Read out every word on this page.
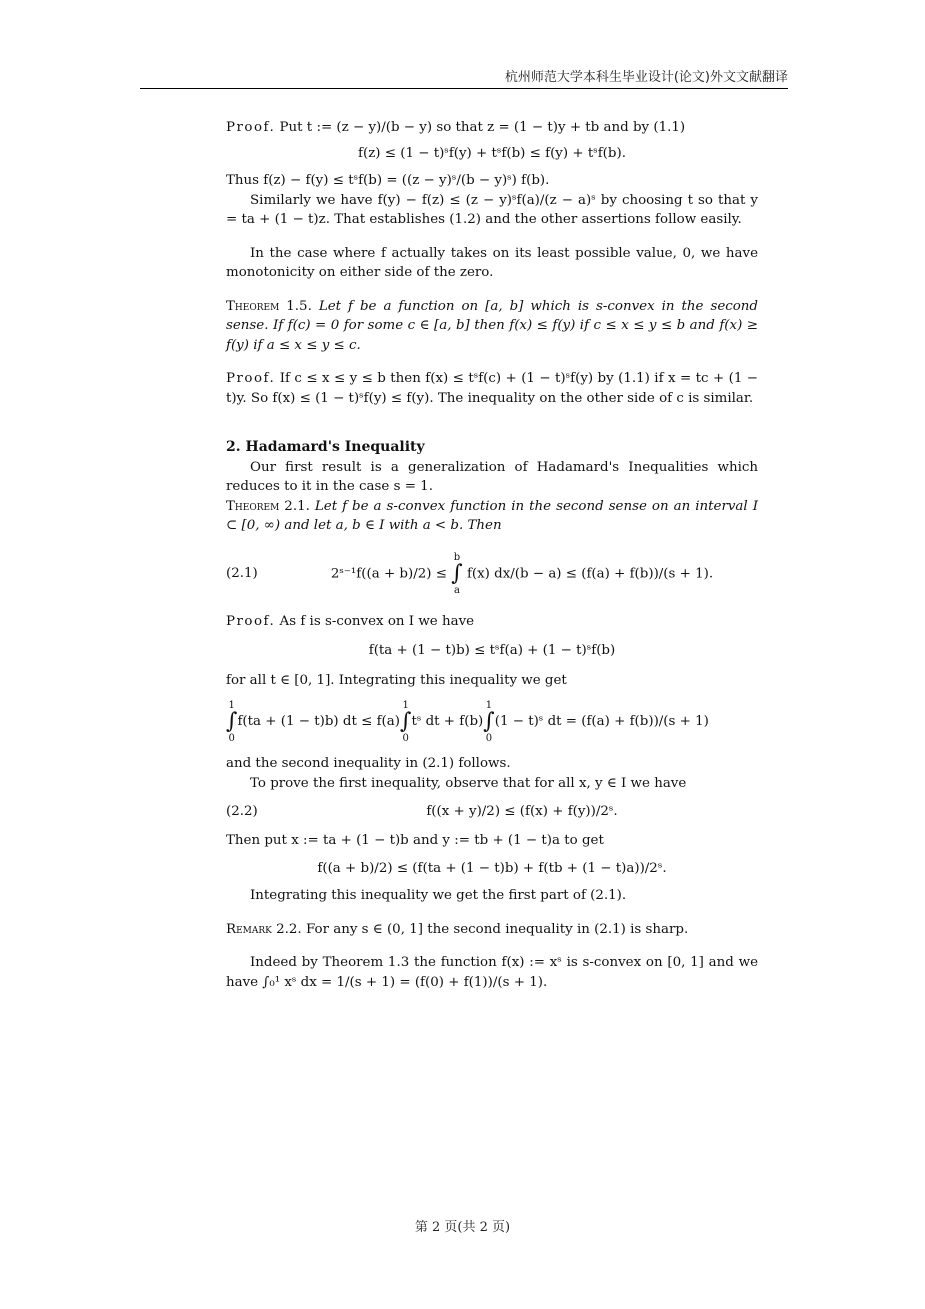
杭州师范大学本科生毕业设计(论文)外文文献翻译

Proof. Put t := (z − y)/(b − y) so that z = (1 − t)y + tb and by (1.1)

f(z) ≤ (1 − t)ˢf(y) + tˢf(b) ≤ f(y) + tˢf(b).

Thus f(z) − f(y) ≤ tˢf(b) = ((z − y)ˢ/(b − y)ˢ) f(b).

Similarly we have f(y) − f(z) ≤ (z − y)ˢf(a)/(z − a)ˢ by choosing t so that y = ta + (1 − t)z. That establishes (1.2) and the other assertions follow easily.

In the case where f actually takes on its least possible value, 0, we have monotonicity on either side of the zero.

Theorem 1.5. Let f be a function on [a, b] which is s-convex in the second sense. If f(c) = 0 for some c ∈ [a, b] then f(x) ≤ f(y) if c ≤ x ≤ y ≤ b and f(x) ≥ f(y) if a ≤ x ≤ y ≤ c.

Proof. If c ≤ x ≤ y ≤ b then f(x) ≤ tˢf(c) + (1 − t)ˢf(y) by (1.1) if x = tc + (1 − t)y. So f(x) ≤ (1 − t)ˢf(y) ≤ f(y). The inequality on the other side of c is similar.

2. Hadamard's Inequality

Our first result is a generalization of Hadamard's Inequalities which reduces to it in the case s = 1.

Theorem 2.1. Let f be a s-convex function in the second sense on an interval I ⊂ [0, ∞) and let a, b ∈ I with a < b. Then

(2.1)	2ˢ⁻¹f((a + b)/2) ≤
b
∫
a
f(x) dx/(b − a) ≤ (f(a) + f(b))/(s + 1).

Proof. As f is s-convex on I we have

f(ta + (1 − t)b) ≤ tˢf(a) + (1 − t)ˢf(b)

for all t ∈ [0, 1]. Integrating this inequality we get

1
∫
0
f(ta + (1 − t)b) dt ≤ f(a)
1
∫
0
tˢ dt + f(b)
1
∫
0
(1 − t)ˢ dt = (f(a) + f(b))/(s + 1)

and the second inequality in (2.1) follows.

To prove the first inequality, observe that for all x, y ∈ I we have

(2.2)	f((x + y)/2) ≤ (f(x) + f(y))/2ˢ.

Then put x := ta + (1 − t)b and y := tb + (1 − t)a to get

f((a + b)/2) ≤ (f(ta + (1 − t)b) + f(tb + (1 − t)a))/2ˢ.

Integrating this inequality we get the first part of (2.1).

Remark 2.2. For any s ∈ (0, 1] the second inequality in (2.1) is sharp.

Indeed by Theorem 1.3 the function f(x) := xˢ is s-convex on [0, 1] and we have ∫₀¹ xˢ dx = 1/(s + 1) = (f(0) + f(1))/(s + 1).

第 2 页(共 2 页)
